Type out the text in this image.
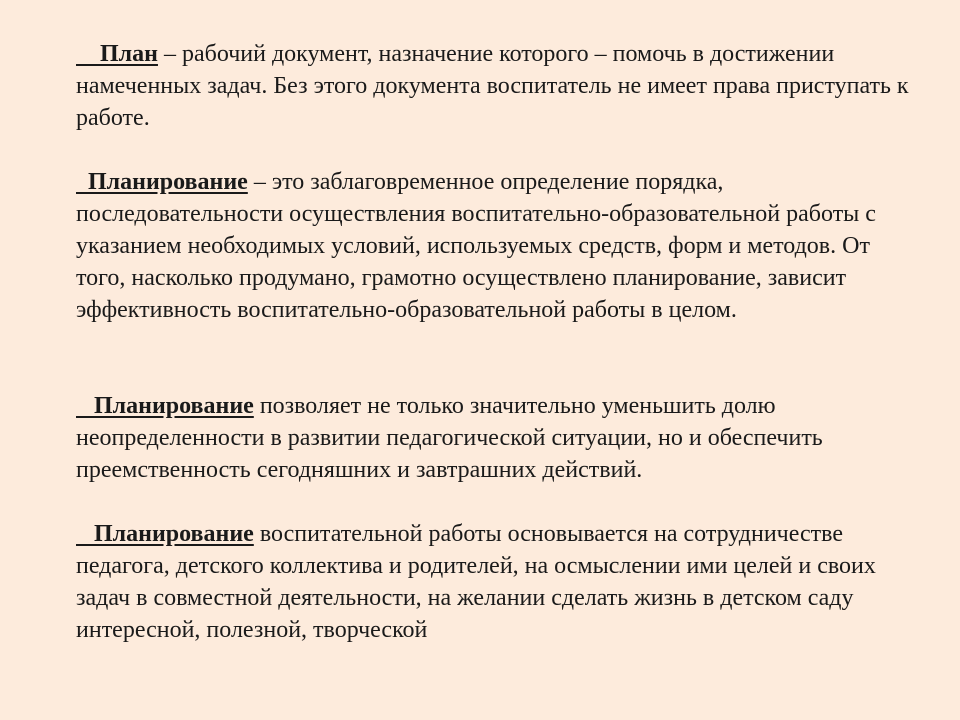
План – рабочий документ, назначение которого – помочь в достижении намеченных задач. Без этого документа воспитатель не имеет права приступать к работе.

Планирование – это заблаговременное определение порядка, последовательности осуществления воспитательно-образовательной работы с указанием необходимых условий, используемых средств, форм и методов. От того, насколько продумано, грамотно осуществлено планирование, зависит эффективность воспитательно-образовательной работы в целом.

Планирование позволяет не только значительно уменьшить долю неопределенности в развитии педагогической ситуации, но и обеспечить преемственность сегодняшних и завтрашних действий.

Планирование воспитательной работы основывается на сотрудничестве педагога, детского коллектива и родителей, на осмыслении ими целей и своих задач в совместной деятельности, на желании сделать жизнь в детском саду интересной, полезной, творческой
